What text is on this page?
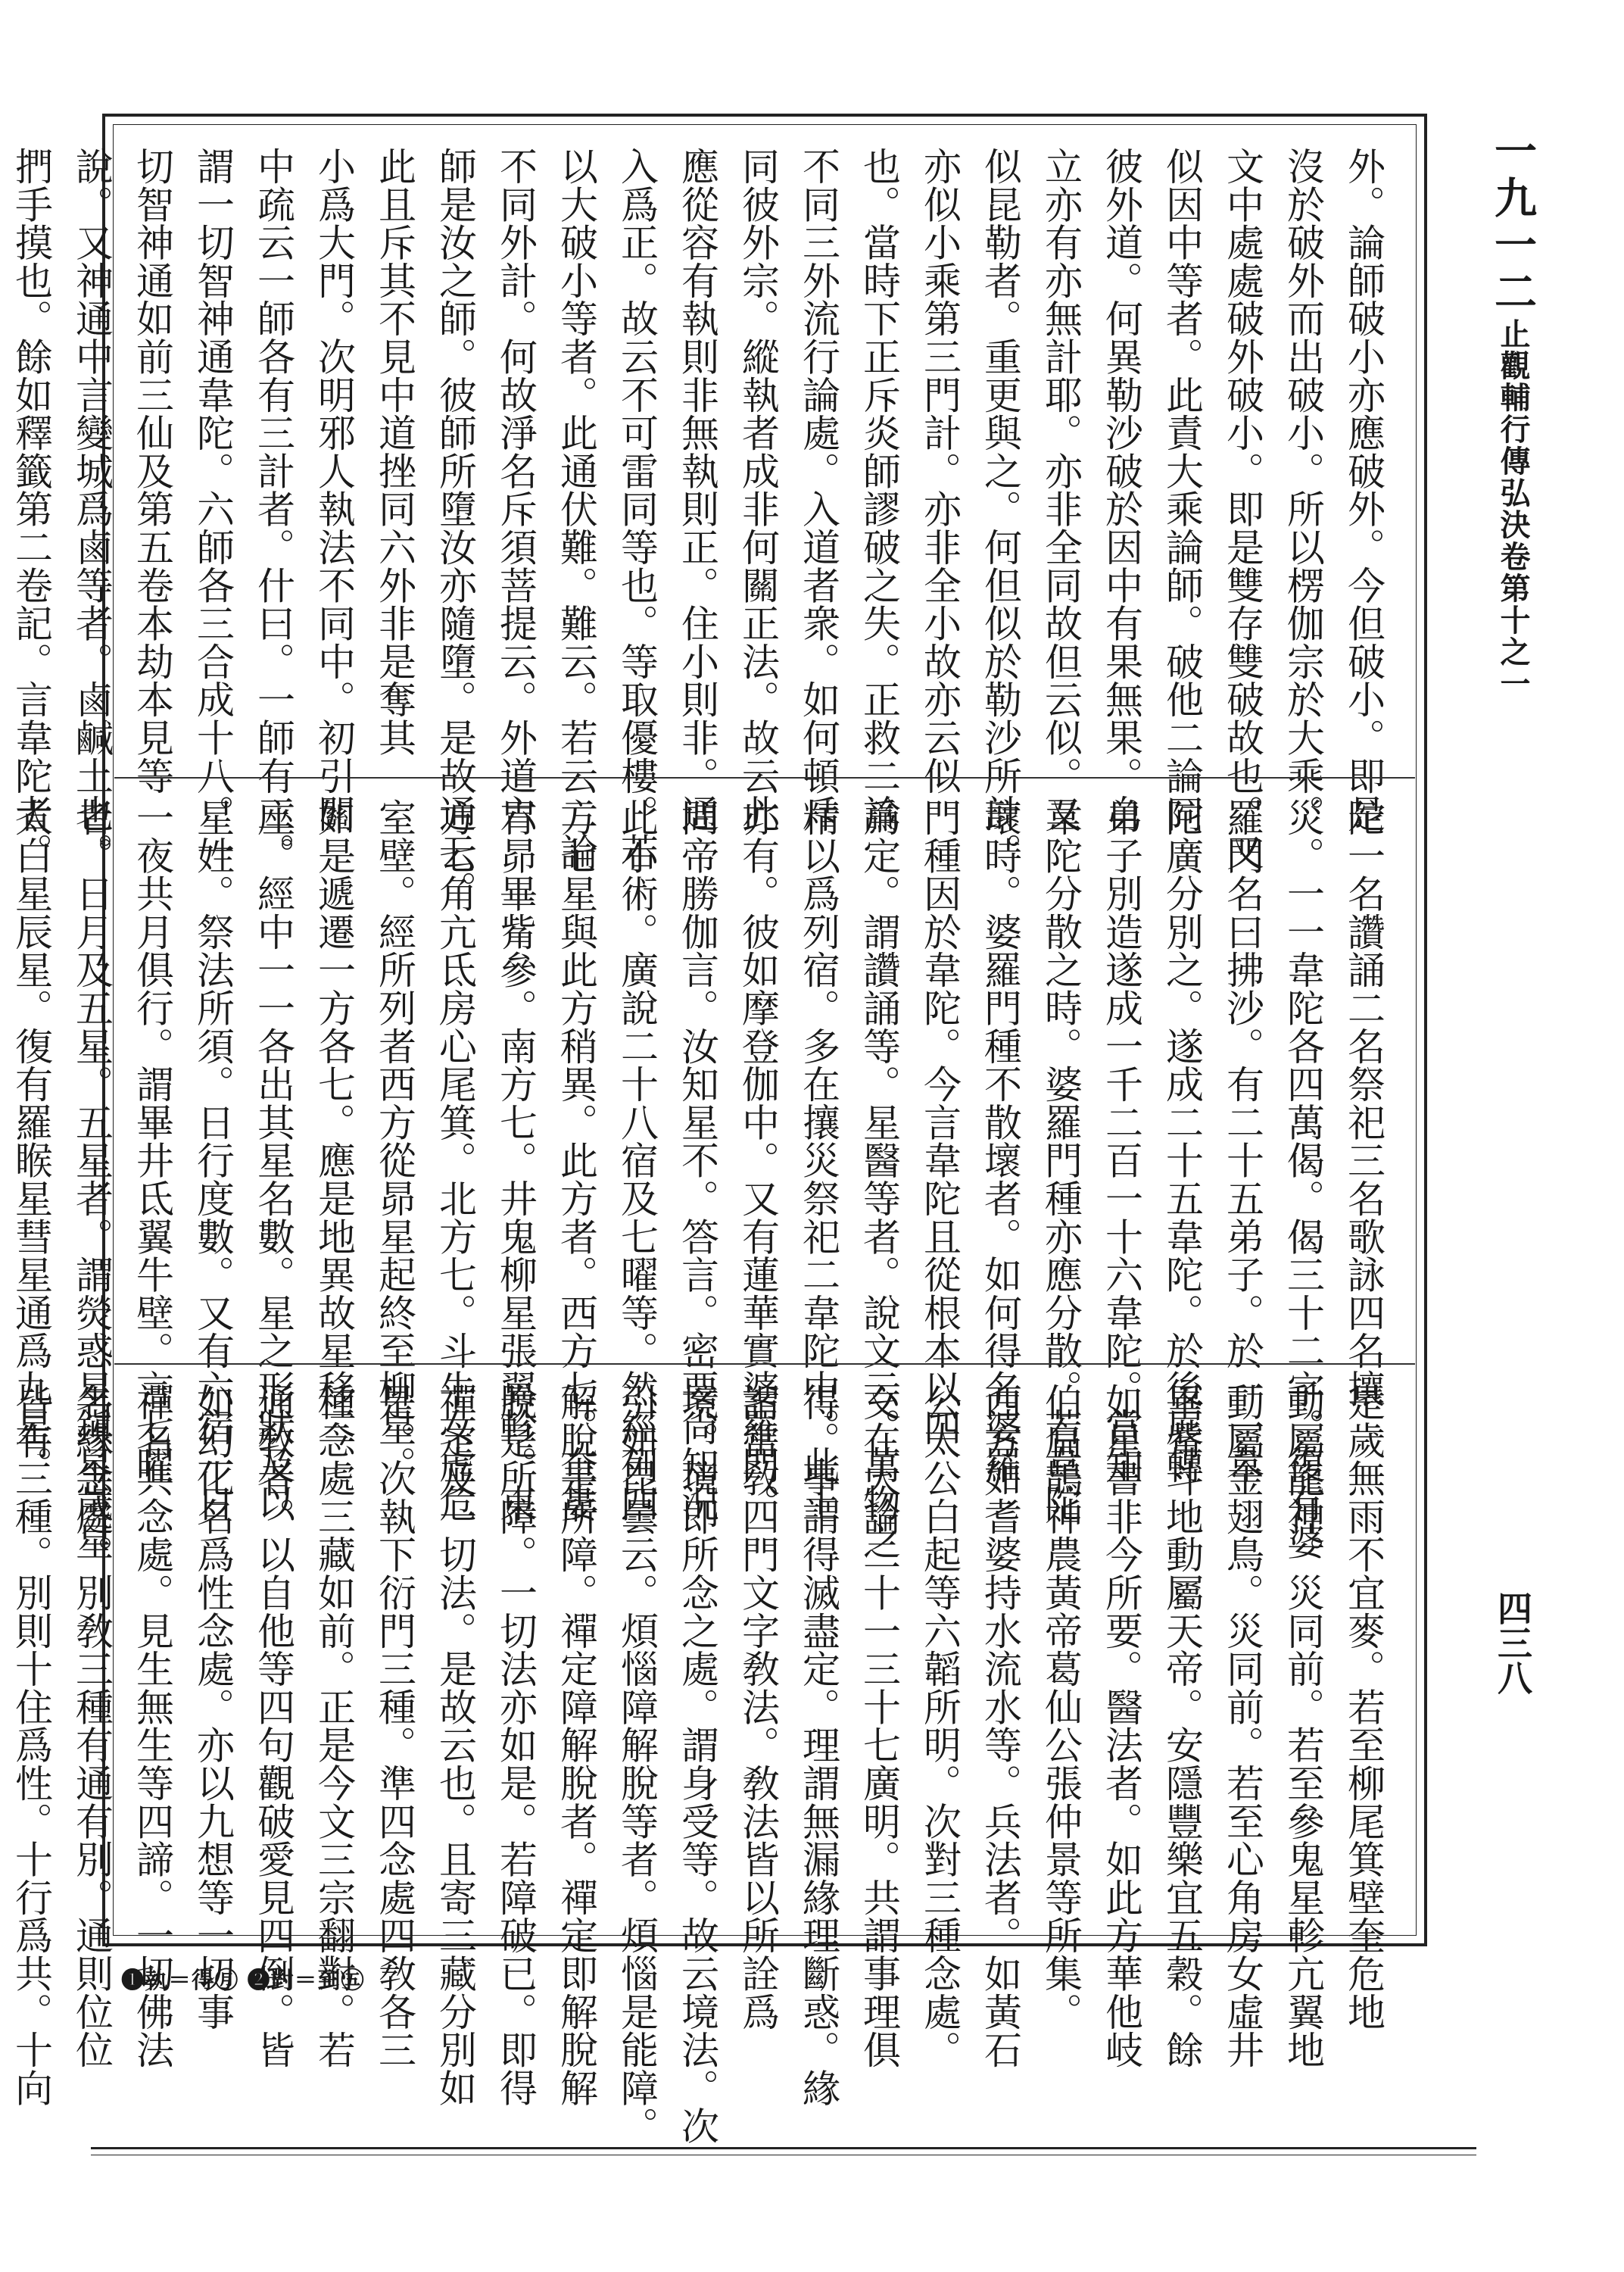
一九一二
止觀輔行傳弘決卷第十之一
四三八
外。論師破小亦應破外。今但破小。即是
沒於破外而出破小。所以楞伽宗於大乘。
文中處處破外破小。即是雙存雙破故也。又
似因中等者。此責大乘論師。破他二論同
彼外道。何異勒沙破於因中有果無果。自
立亦有亦無計耶。亦非全同故但云似。又
似昆勒者。重更與之。何但似於勒沙所計。
亦似小乘第三門計。亦非全小故亦云似
也。當時下正斥炎師謬破之失。正救二論
不同三外流行論處。入道者衆。如何頓斥
同彼外宗。縱執者成非何關正法。故云此
應從容有執則非無執則正。住小則非。通
入爲正。故云不可雷同等也。等取優樓。若
以大破小等者。此通伏難。難云。若云二論
不同外計。何故淨名斥須菩提云。外道六
師是汝之師。彼師所墮汝亦隨墮。是故通云。
此且斥其不見中道挫同六外非是奪其
小爲大門。次明邪人執法不同中。初引關
中疏云一師各有三計者。什曰。一師有三。
謂一切智神通韋陀。六師各三合成十八。一
切智神通如前三仙及第五卷本劫本見等
說。又神通中言變城爲鹵等者。鹵鹹土也。
捫手摸也。餘如釋籤第二卷記。言韋陀者。
陀一名讚誦二名祭祀三名歌詠四名攘
災。一一韋陀各四萬偈。偈三十二字。復有婆
羅門名曰拂沙。有二十五弟子。於一一韋
陀廣分別之。遂成二十五韋陀。於後展轉
弟子別造遂成一千二百一十六韋陀。當知
韋陀分散之時。婆羅門種亦應分散。若韋陀
壞時。婆羅門種不散壞者。如何得名婆羅
門種因於韋陀。今言韋陀且從根本以四
爲定。謂讚誦等。星醫等者。說文云。萬物之
精以爲列宿。多在攘災祭祀二韋陀中。此土
亦有。彼如摩登伽中。又有蓮華實婆羅門。
問帝勝伽言。汝知星不。答言。密要尙知況
此小術。廣說二十八宿及七曜等。然經列四
方七星與此方稍異。此方者。西方七。奎婁
胃昴畢觜參。南方七。井鬼柳星張翼軫。東
方七角亢氐房心尾箕。北方七。斗牛女虛危
室壁。經所列者西方從昴星起終至柳星。
如是遞遷一方各七。應是地異故星移三
座。經中一一各出其星名數。星之形狀及以
星姓。祭法所須。日行度數。又有六宿一日
一夜共月俱行。謂畢井氐翼牛壁。言七曜
者。日月及五星。五星者。謂熒惑星鎭星歲星
太白星辰星。復有羅睺星彗星通爲九星。
是歲無雨不宜麥。若至柳尾箕壁奎危地
動屬龍神。災同前。若至參鬼星軫亢翼地
動屬金翅鳥。災同前。若至心角房女虛井
畢觜斗地動屬天帝。安隱豐樂宜五穀。餘
如星書非今所要。醫法者。如此方華他岐
伯扁鵲神農黃帝葛仙公張仲景等所集。
西方如耆婆持水流水等。兵法者。如黃石
公太公白起等六韜所明。次對三種念處。
文在大論二十一三十七廣明。共謂事理俱
得。事謂得滅盡定。理謂無漏緣理斷惑。緣
謂當敎四門文字敎法。敎法皆以所詮爲
境。境即所念之處。謂身受等。故云境法。次
引如毘曇云。煩惱障解脫等者。煩惱是能障。
解脫是所障。禪定障解脫者。禪定即解脫解
脫是所障。一切法亦如是。若障破已。即得
禪定及一切法。是故云也。且寄三藏分別如
是。次執下衍門三種。準四念處四敎各三
種念處三藏如前。正是今文三宗翻對。若
通敎者。以自他等四句觀破愛見四倒。皆
如幻化名爲性念處。亦以九想等一切事
禪名共念處。見生無生等四諦。一切佛法
名緣念處。別敎三種有通有別。通則位位
皆有三種。別則十住爲性。十行爲共。十向	❶執＝得㊊ ❷對＝到㊄
